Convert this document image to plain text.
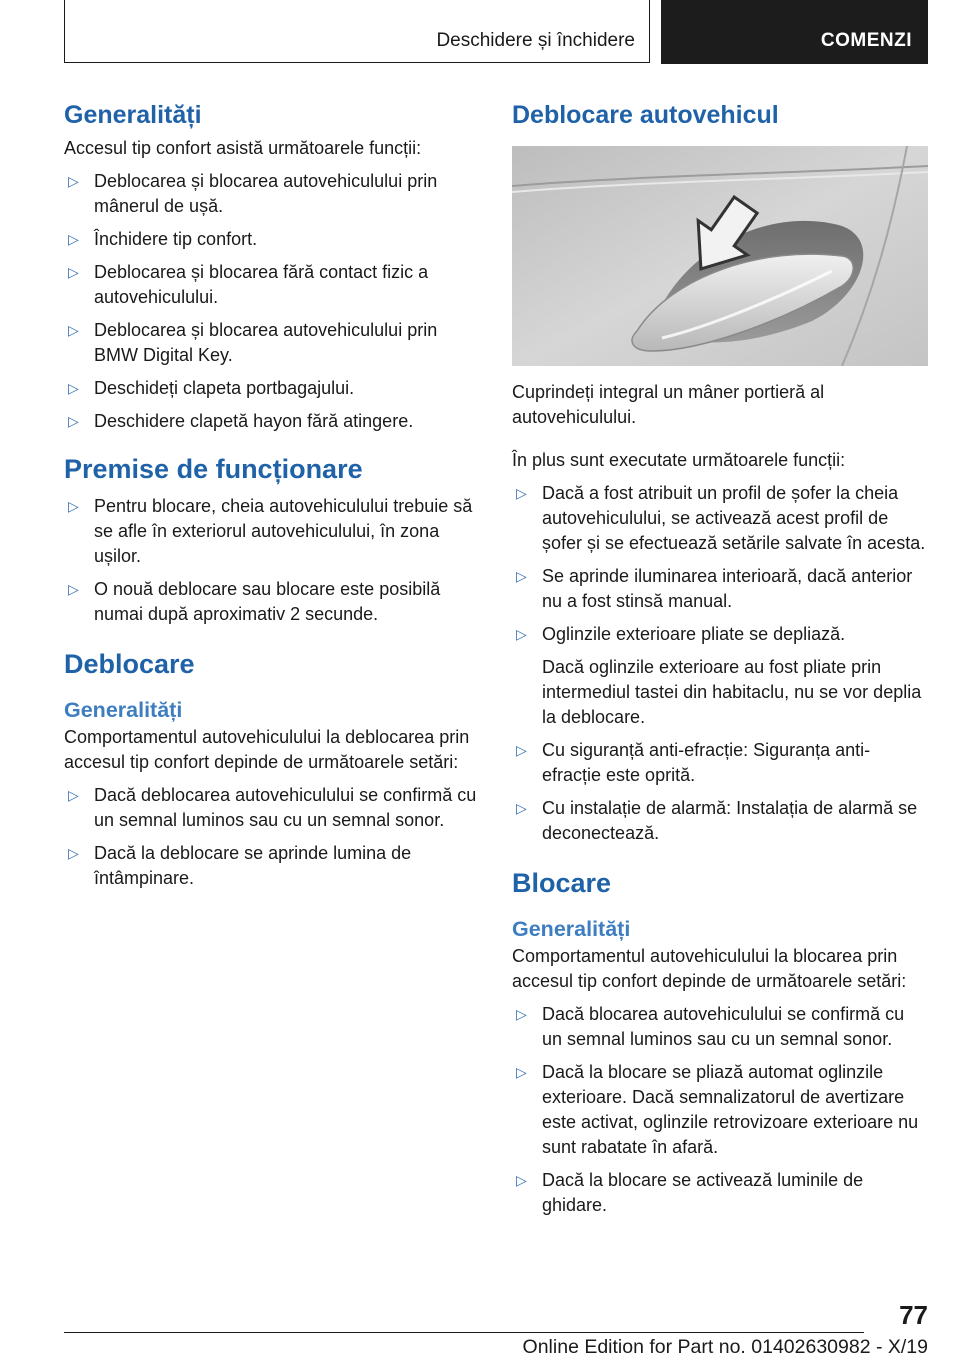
Deschidere și închidere	COMENZI
Generalități

Accesul tip confort asistă următoarele funcții:

▷ Deblocarea și blocarea autovehiculului prin mânerul de ușă.
▷ Închidere tip confort.
▷ Deblocarea și blocarea fără contact fizic a autovehiculului.
▷ Deblocarea și blocarea autovehiculului prin BMW Digital Key.
▷ Deschideți clapeta portbagajului.
▷ Deschidere clapetă hayon fără atingere.
Premise de funcționare
▷ Pentru blocare, cheia autovehiculului trebuie să se afle în exteriorul autovehiculului, în zona ușilor.
▷ O nouă deblocare sau blocare este posibilă numai după aproximativ 2 secunde.
Deblocare
Generalități

Comportamentul autovehiculului la deblocarea prin accesul tip confort depinde de următoarele setări:

▷ Dacă deblocarea autovehiculului se confirmă cu un semnal luminos sau cu un semnal sonor.
▷ Dacă la deblocare se aprinde lumina de întâmpinare.
Deblocare autovehicul

Cuprindeți integral un mâner portieră al autovehiculului.

În plus sunt executate următoarele funcții:

▷ Dacă a fost atribuit un profil de șofer la cheia autovehiculului, se activează acest profil de șofer și se efectuează setările salvate în acesta.
▷ Se aprinde iluminarea interioară, dacă anterior nu a fost stinsă manual.
▷ Oglinzile exterioare pliate se depliază.
Dacă oglinzile exterioare au fost pliate prin intermediul tastei din habitaclu, nu se vor deplia la deblocare.
▷ Cu siguranță anti-efracție: Siguranța anti-efracție este oprită.
▷ Cu instalație de alarmă: Instalația de alarmă se deconectează.
Blocare
Generalități

Comportamentul autovehiculului la blocarea prin accesul tip confort depinde de următoarele setări:

▷ Dacă blocarea autovehiculului se confirmă cu un semnal luminos sau cu un semnal sonor.
▷ Dacă la blocare se pliază automat oglinzile exterioare. Dacă semnalizatorul de avertizare este activat, oglinzile retrovizoare exterioare nu sunt rabatate în afară.
▷ Dacă la blocare se activează luminile de ghidare.
77
Online Edition for Part no. 01402630982 - X/19
